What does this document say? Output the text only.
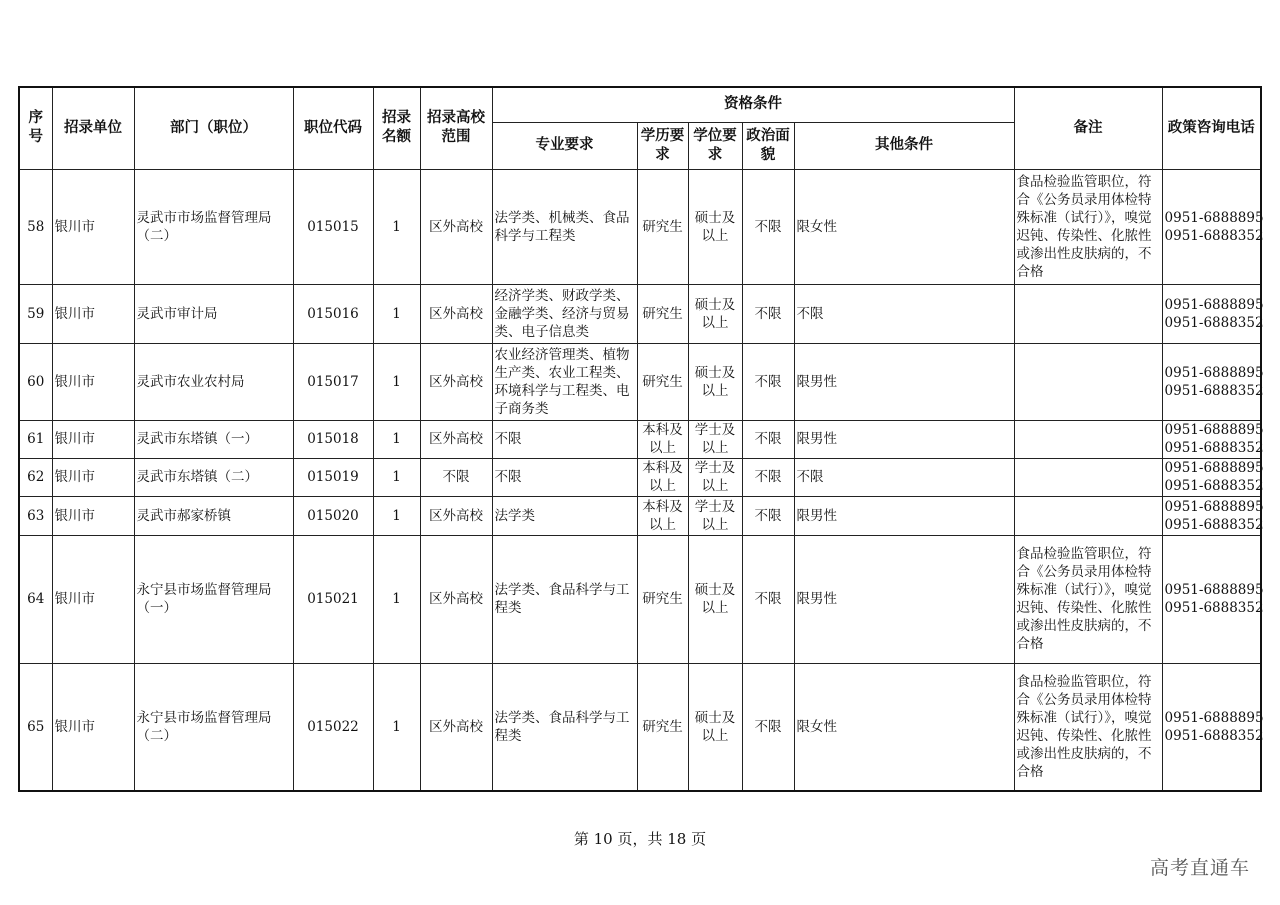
序号	招录单位	部门（职位）	职位代码	招录名额	招录高校范围	资格条件					备注	政策咨询电话
						专业要求	学历要求	学位要求	政治面貌	其他条件		
58	银川市	灵武市市场监督管理局（二）	015015	1	区外高校	法学类、机械类、食品科学与工程类	研究生	硕士及以上	不限	限女性	食品检验监管职位，符合《公务员录用体检特殊标准（试行）》，嗅觉迟钝、传染性、化脓性或渗出性皮肤病的，不合格	0951-6888895
0951-6888352

59	银川市	灵武市审计局	015016	1	区外高校	经济学类、财政学类、金融学类、经济与贸易类、电子信息类	研究生	硕士及以上	不限	不限		0951-6888895
0951-6888352

60	银川市	灵武市农业农村局	015017	1	区外高校	农业经济管理类、植物生产类、农业工程类、环境科学与工程类、电子商务类	研究生	硕士及以上	不限	限男性		0951-6888895
0951-6888352

61	银川市	灵武市东塔镇（一）	015018	1	区外高校	不限	本科及以上	学士及以上	不限	限男性		0951-6888895
0951-6888352

62	银川市	灵武市东塔镇（二）	015019	1	不限	不限	本科及以上	学士及以上	不限	不限		0951-6888895
0951-6888352

63	银川市	灵武市郝家桥镇	015020	1	区外高校	法学类	本科及以上	学士及以上	不限	限男性		0951-6888895
0951-6888352

64	银川市	永宁县市场监督管理局（一）	015021	1	区外高校	法学类、食品科学与工程类	研究生	硕士及以上	不限	限男性	食品检验监管职位，符合《公务员录用体检特殊标准（试行）》，嗅觉迟钝、传染性、化脓性或渗出性皮肤病的，不合格	0951-6888895
0951-6888352

65	银川市	永宁县市场监督管理局（二）	015022	1	区外高校	法学类、食品科学与工程类	研究生	硕士及以上	不限	限女性	食品检验监管职位，符合《公务员录用体检特殊标准（试行）》，嗅觉迟钝、传染性、化脓性或渗出性皮肤病的，不合格	0951-6888895
0951-6888352
第 10 页，共 18 页
高考直通车
